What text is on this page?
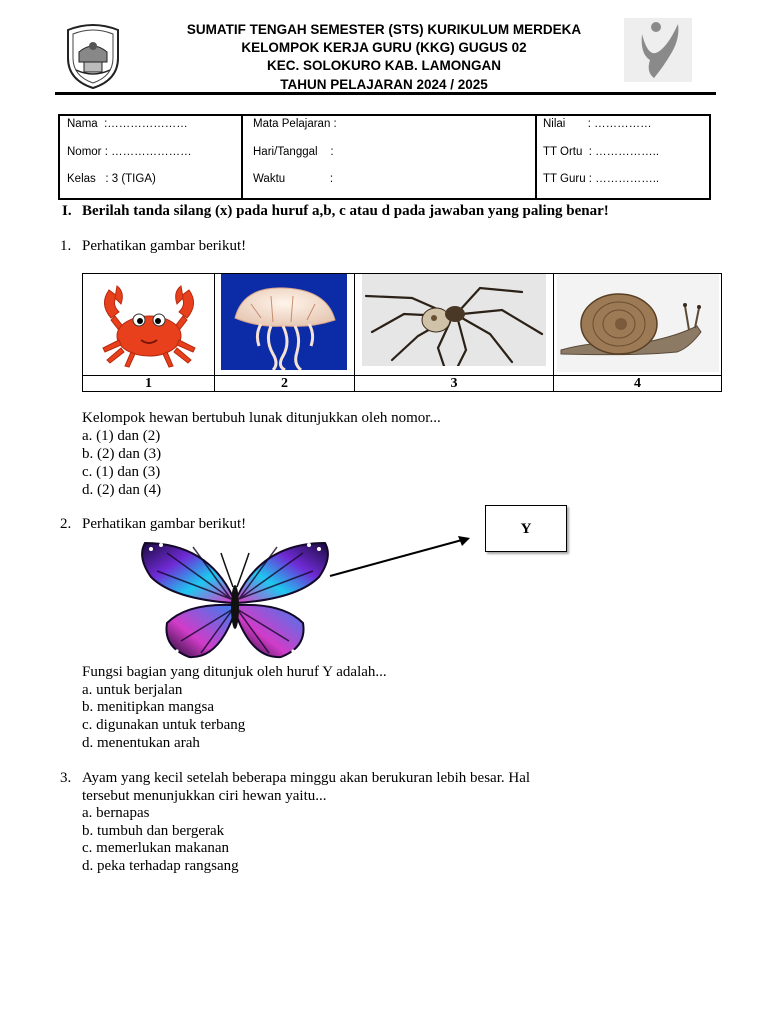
SUMATIF TENGAH SEMESTER (STS) KURIKULUM MERDEKA
KELOMPOK KERJA GURU (KKG) GUGUS 02
KEC. SOLOKURO KAB. LAMONGAN
TAHUN PELAJARAN 2024 / 2025
Nama  :…………………
Nomor : …………………
Kelas   : 3 (TIGA)
Mata Pelajaran :
Hari/Tanggal    :
Waktu              :
Nilai       : ……………
TT Ortu  : ……………..
TT Guru : ……………..
I. Berilah tanda silang (x) pada huruf a,b, c atau d pada jawaban yang paling benar!
1. Perhatikan gambar berikut!
1	2	3	4
Kelompok hewan bertubuh lunak ditunjukkan oleh nomor...
a. (1) dan (2)
b. (2) dan (3)
c. (1) dan (3)
d. (2) dan (4)
2. Perhatikan gambar berikut!	Y
Fungsi bagian yang ditunjuk oleh huruf Y adalah...
a. untuk berjalan
b. menitipkan mangsa
c. digunakan untuk terbang
d. menentukan arah
3. Ayam yang kecil setelah beberapa minggu akan berukuran lebih besar. Hal
tersebut menunjukkan ciri hewan yaitu...
a. bernapas
b. tumbuh dan bergerak
c. memerlukan makanan
d. peka terhadap rangsang
